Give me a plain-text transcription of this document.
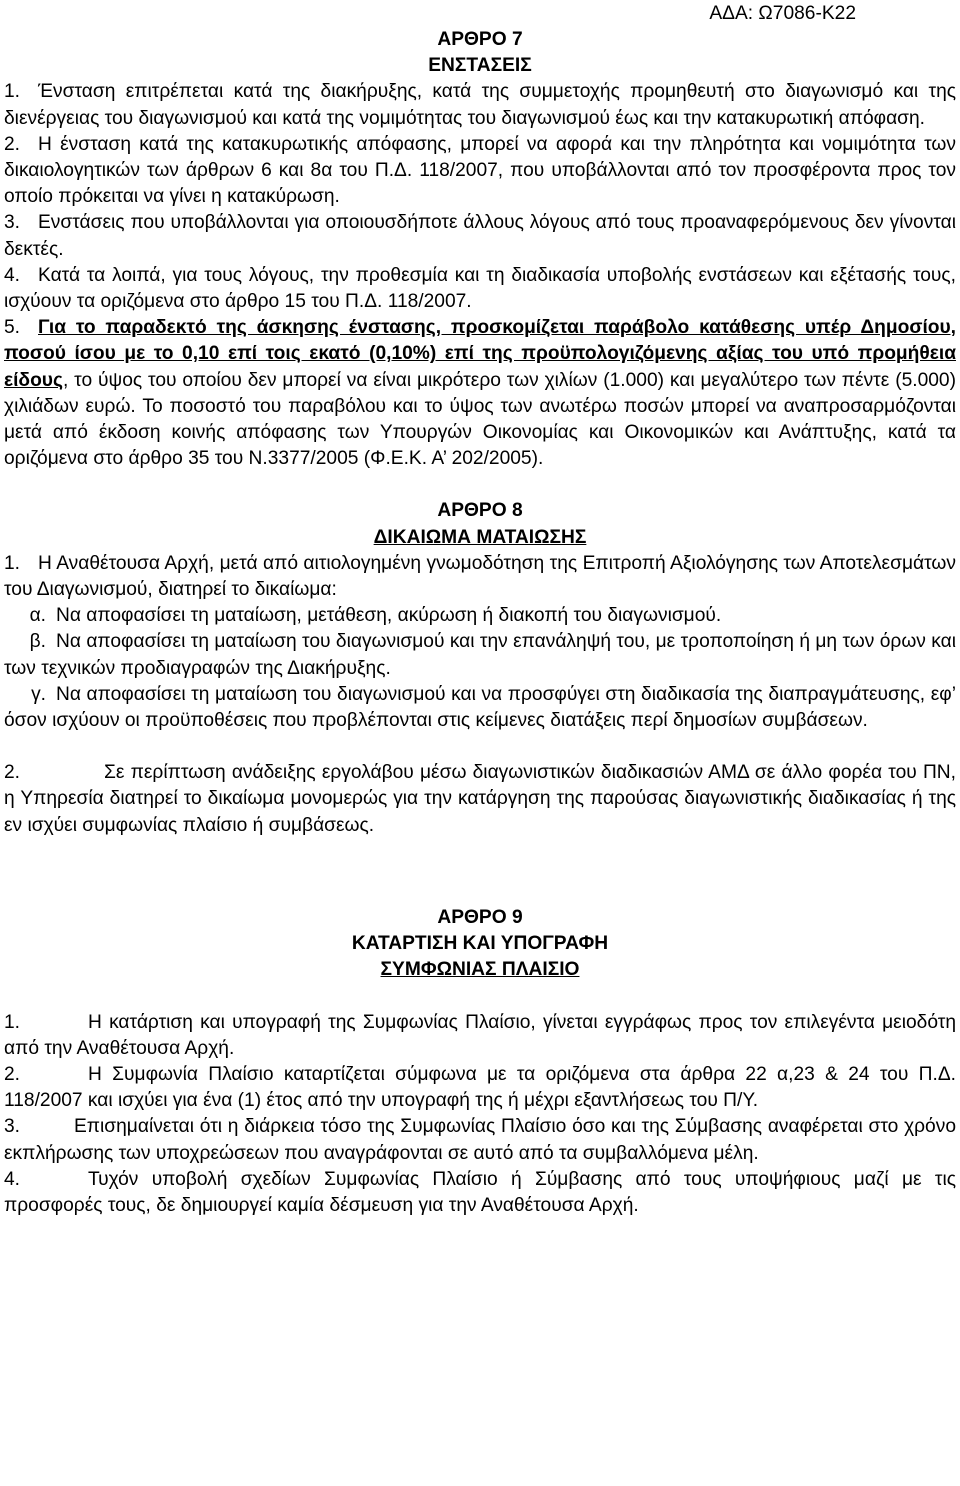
ΑΔΑ: Ω7086-Κ22
ΑΡΘΡΟ 7
ΕΝΣΤΑΣΕΙΣ

1. Ένσταση επιτρέπεται κατά της διακήρυξης, κατά της συμμετοχής προμηθευτή στο διαγωνισμό και της διενέργειας του διαγωνισμού και κατά της νομιμότητας του διαγωνισμού έως και την κατακυρωτική απόφαση.

2. Η ένσταση κατά της κατακυρωτικής απόφασης, μπορεί να αφορά και την πληρότητα και νομιμότητα των δικαιολογητικών των άρθρων 6 και 8α του Π.Δ. 118/2007, που υποβάλλονται από τον προσφέροντα προς τον οποίο πρόκειται να γίνει η κατακύρωση.

3. Ενστάσεις που υποβάλλονται για οποιουσδήποτε άλλους λόγους από τους προαναφερόμενους δεν γίνονται δεκτές.

4. Κατά τα λοιπά, για τους λόγους, την προθεσμία και τη διαδικασία υποβολής ενστάσεων και εξέτασής τους, ισχύουν τα οριζόμενα στο άρθρο 15 του Π.Δ. 118/2007.

5. Για το παραδεκτό της άσκησης ένστασης, προσκομίζεται παράβολο κατάθεσης υπέρ Δημοσίου, ποσού ίσου με το 0,10 επί τοις εκατό (0,10%) επί της προϋπολογιζόμενης αξίας του υπό προμήθεια είδους, το ύψος του οποίου δεν μπορεί να είναι μικρότερο των χιλίων (1.000) και μεγαλύτερο των πέντε (5.000) χιλιάδων ευρώ. Το ποσοστό του παραβόλου και το ύψος των ανωτέρω ποσών μπορεί να αναπροσαρμόζονται μετά από έκδοση κοινής απόφασης των Υπουργών Οικονομίας και Οικονομικών και Ανάπτυξης, κατά τα οριζόμενα στο άρθρο 35 του Ν.3377/2005 (Φ.Ε.Κ. Α’ 202/2005).

ΑΡΘΡΟ 8
ΔΙΚΑΙΩΜΑ ΜΑΤΑΙΩΣΗΣ

1. Η Αναθέτουσα Αρχή, μετά από αιτιολογημένη γνωμοδότηση της Επιτροπή Αξιολόγησης των Αποτελεσμάτων του Διαγωνισμού, διατηρεί το δικαίωμα:

α. Να αποφασίσει τη ματαίωση, μετάθεση, ακύρωση ή διακοπή του διαγωνισμού.

β. Να αποφασίσει τη ματαίωση του διαγωνισμού και την επανάληψή του, με τροποποίηση ή μη των όρων και των τεχνικών προδιαγραφών της Διακήρυξης.

γ. Να αποφασίσει τη ματαίωση του διαγωνισμού και να προσφύγει στη διαδικασία της διαπραγμάτευσης, εφ’ όσον ισχύουν οι προϋποθέσεις που προβλέπονται στις κείμενες διατάξεις περί δημοσίων συμβάσεων.

2.	Σε περίπτωση ανάδειξης εργολάβου μέσω διαγωνιστικών διαδικασιών ΑΜΔ σε άλλο φορέα του ΠΝ, η Υπηρεσία διατηρεί το δικαίωμα μονομερώς για την κατάργηση της παρούσας διαγωνιστικής διαδικασίας ή της εν ισχύει συμφωνίας πλαίσιο ή συμβάσεως.

ΑΡΘΡΟ 9
ΚΑΤΑΡΤΙΣΗ ΚΑΙ ΥΠΟΓΡΑΦΗ
ΣΥΜΦΩΝΙΑΣ ΠΛΑΙΣΙΟ

1.	Η κατάρτιση και υπογραφή της Συμφωνίας Πλαίσιο, γίνεται εγγράφως προς τον επιλεγέντα μειοδότη από την Αναθέτουσα Αρχή.

2.	Η Συμφωνία Πλαίσιο καταρτίζεται σύμφωνα με τα οριζόμενα στα άρθρα 22 α,23 & 24 του Π.Δ. 118/2007 και ισχύει για ένα (1) έτος από την υπογραφή της ή μέχρι εξαντλήσεως του Π/Υ.

3.	Επισημαίνεται ότι η διάρκεια τόσο της Συμφωνίας Πλαίσιο όσο και της Σύμβασης αναφέρεται στο χρόνο εκπλήρωσης των υποχρεώσεων που αναγράφονται σε αυτό από τα συμβαλλόμενα μέλη.

4.	Τυχόν υποβολή σχεδίων Συμφωνίας Πλαίσιο ή Σύμβασης από τους υποψήφιους μαζί με τις προσφορές τους, δε δημιουργεί καμία δέσμευση για την Αναθέτουσα Αρχή.
